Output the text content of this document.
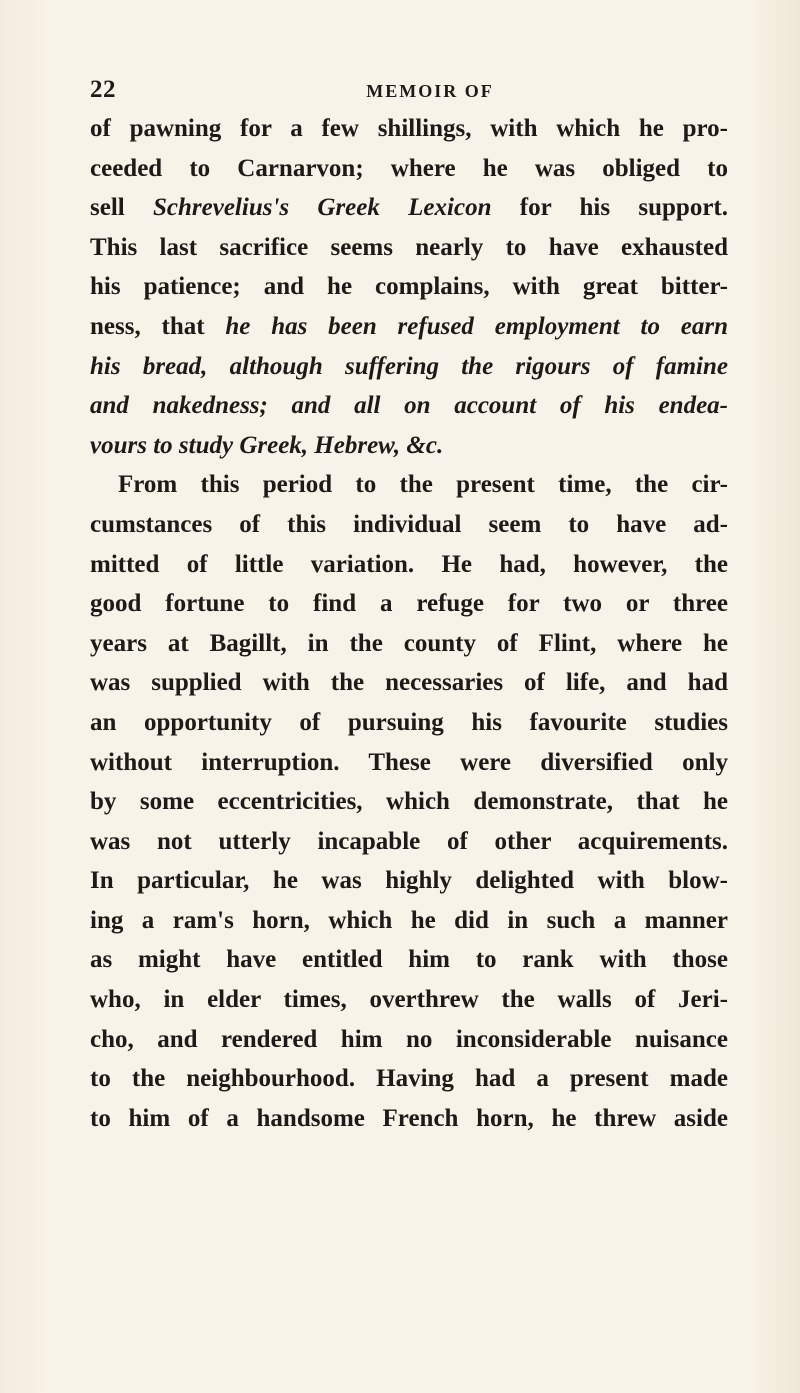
22	MEMOIR OF
of pawning for a few shillings, with which he pro-
ceeded to Carnarvon; where he was obliged to
sell Schrevelius's Greek Lexicon for his support.
This last sacrifice seems nearly to have exhausted
his patience; and he complains, with great bitter-
ness, that he has been refused employment to earn
his bread, although suffering the rigours of famine
and nakedness; and all on account of his endea-
vours to study Greek, Hebrew, &c.
From this period to the present time, the cir-
cumstances of this individual seem to have ad-
mitted of little variation. He had, however, the
good fortune to find a refuge for two or three
years at Bagillt, in the county of Flint, where he
was supplied with the necessaries of life, and had
an opportunity of pursuing his favourite studies
without interruption. These were diversified only
by some eccentricities, which demonstrate, that he
was not utterly incapable of other acquirements.
In particular, he was highly delighted with blow-
ing a ram's horn, which he did in such a manner
as might have entitled him to rank with those
who, in elder times, overthrew the walls of Jeri-
cho, and rendered him no inconsiderable nuisance
to the neighbourhood. Having had a present made
to him of a handsome French horn, he threw aside
